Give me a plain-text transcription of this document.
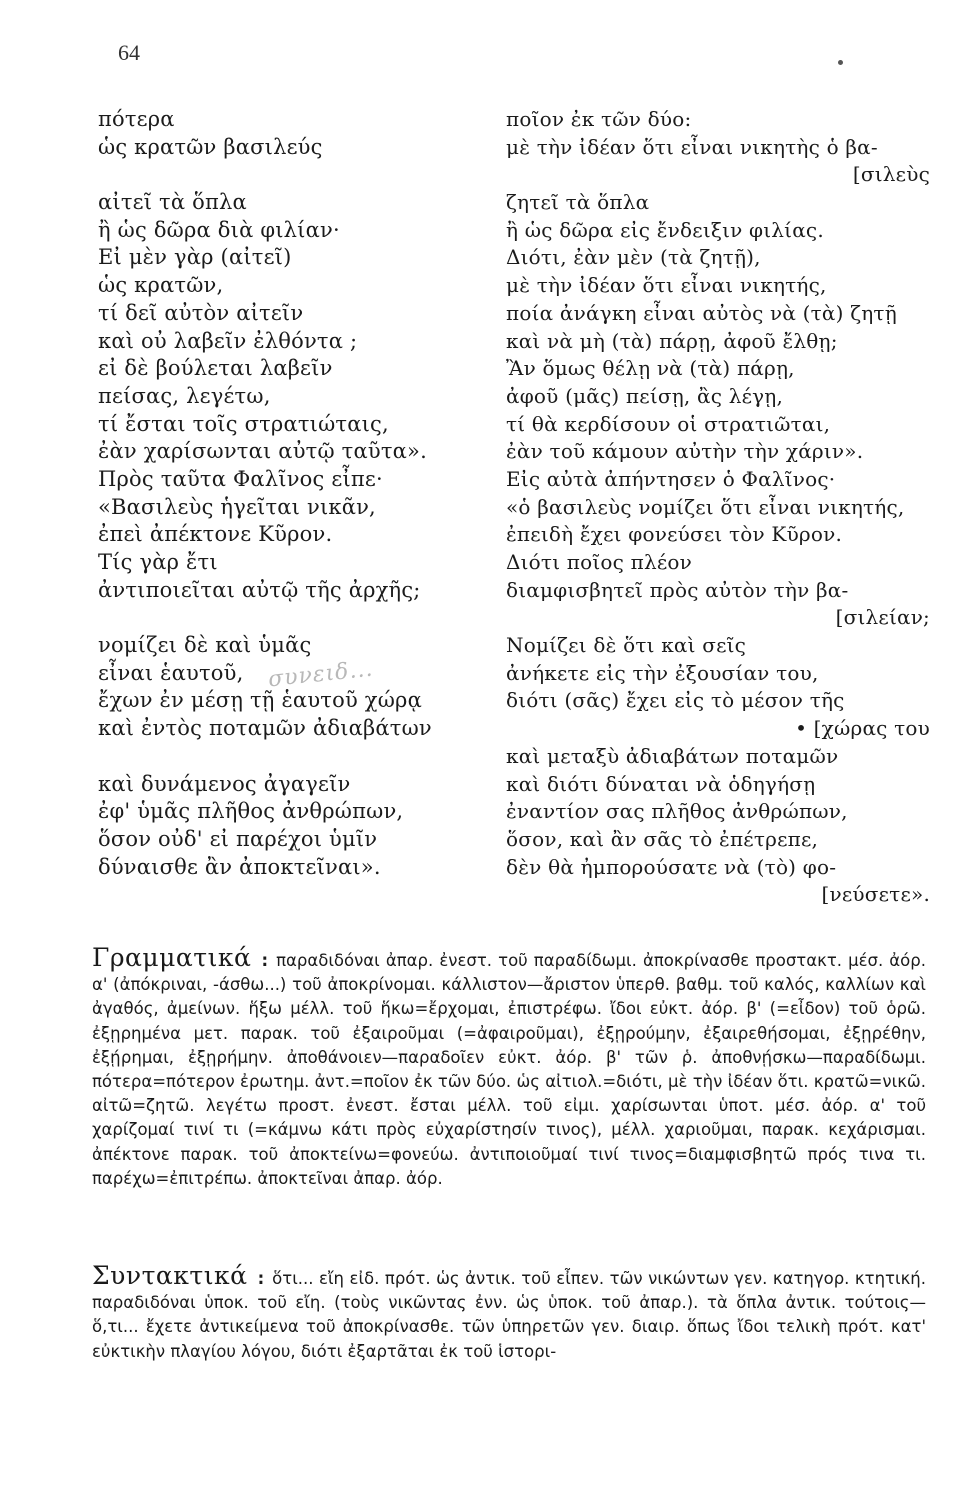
64
πότερα
ὡς κρατῶν βασιλεύς
αἰτεῖ τὰ ὅπλα
ἢ ὡς δῶρα διὰ φιλίαν·
Εἰ μὲν γὰρ (αἰτεῖ)
ὡς κρατῶν,
τί δεῖ αὐτὸν αἰτεῖν
καὶ οὐ λαβεῖν ἐλθόντα ;
εἰ δὲ βούλεται λαβεῖν
πείσας, λεγέτω,
τί ἔσται τοῖς στρατιώταις,
ἐὰν χαρίσωνται αὐτῷ ταῦτα».
Πρὸς ταῦτα Φαλῖνος εἶπε·
«Βασιλεὺς ἡγεῖται νικᾶν,
ἐπεὶ ἀπέκτονε Κῦρον.
Τίς γὰρ ἔτι
ἀντιποιεῖται αὐτῷ τῆς ἀρχῆς;
νομίζει δὲ καὶ ὑμᾶς
εἶναι ἑαυτοῦ,
ἔχων ἐν μέσῃ τῇ ἑαυτοῦ χώρᾳ
καὶ ἐντὸς ποταμῶν ἀδιαβάτων
καὶ δυνάμενος ἀγαγεῖν
ἐφ' ὑμᾶς πλῆθος ἀνθρώπων,
ὅσον οὐδ' εἰ παρέχοι ὑμῖν
δύναισθε ἂν ἀποκτεῖναι».
ποῖον ἐκ τῶν δύο:
μὲ τὴν ἰδέαν ὅτι εἶναι νικητὴς ὁ βα-
[σιλεὺς
ζητεῖ τὰ ὅπλα
ἢ ὡς δῶρα εἰς ἔνδειξιν φιλίας.
Διότι, ἐὰν μὲν (τὰ ζητῇ),
μὲ τὴν ἰδέαν ὅτι εἶναι νικητής,
ποία ἀνάγκη εἶναι αὐτὸς νὰ (τὰ) ζητῇ
καὶ νὰ μὴ (τὰ) πάρῃ, ἀφοῦ ἔλθῃ;
Ἂν ὅμως θέλῃ νὰ (τὰ) πάρῃ,
ἀφοῦ (μᾶς) πείσῃ, ἂς λέγῃ,
τί θὰ κερδίσουν οἱ στρατιῶται,
ἐὰν τοῦ κάμουν αὐτὴν τὴν χάριν».
Εἰς αὐτὰ ἀπήντησεν ὁ Φαλῖνος·
«ὁ βασιλεὺς νομίζει ὅτι εἶναι νικητής,
ἐπειδὴ ἔχει φονεύσει τὸν Κῦρον.
Διότι ποῖος πλέον
διαμφισβητεῖ πρὸς αὐτὸν τὴν βα-
[σιλείαν;
Νομίζει δὲ ὅτι καὶ σεῖς
ἀνήκετε εἰς τὴν ἐξουσίαν του,
διότι (σᾶς) ἔχει εἰς τὸ μέσον τῆς
• [χώρας του
καὶ μεταξὺ ἀδιαβάτων ποταμῶν
καὶ διότι δύναται νὰ ὁδηγήσῃ
ἐναντίον σας πλῆθος ἀνθρώπων,
ὅσον, καὶ ἂν σᾶς τὸ ἐπέτρεπε,
δὲν θὰ ἠμπορούσατε νὰ (τὸ) φο-
[νεύσετε».
συνειδ...

Γραμματικά : παραδιδόναι ἀπαρ. ἐνεστ. τοῦ παραδίδωμι. ἀποκρίνασθε προστακτ. μέσ. ἀόρ. α' (ἀπόκριναι, -άσθω...) τοῦ ἀποκρίνομαι. κάλλιστον—ἄριστον ὑπερθ. βαθμ. τοῦ καλός, καλλίων καὶ ἀγαθός, ἀμείνων. ἥξω μέλλ. τοῦ ἥκω=ἔρχομαι, ἐπιστρέφω. ἴδοι εὐκτ. ἀόρ. β' (=εἶδον) τοῦ ὁρῶ. ἐξῃρημένα μετ. παρακ. τοῦ ἐξαιροῦμαι (=ἀφαιροῦμαι), ἐξῃρούμην, ἐξαιρεθήσομαι, ἐξῃρέθην, ἐξῄρημαι, ἐξῃρήμην. ἀποθάνοιεν—παραδοῖεν εὐκτ. ἀόρ. β' τῶν ῥ. ἀποθνῄσκω—παραδίδωμι. πότερα=πότερον ἐρωτημ. ἀντ.=ποῖον ἐκ τῶν δύο. ὡς αἰτιολ.=διότι, μὲ τὴν ἰδέαν ὅτι. κρατῶ=νικῶ. αἰτῶ=ζητῶ. λεγέτω προστ. ἐνεστ. ἔσται μέλλ. τοῦ εἰμι. χαρίσωνται ὑποτ. μέσ. ἀόρ. α' τοῦ χαρίζομαί τινί τι (=κάμνω κάτι πρὸς εὐχαρίστησίν τινος), μέλλ. χαριοῦμαι, παρακ. κεχάρισμαι. ἀπέκτονε παρακ. τοῦ ἀποκτείνω=φονεύω. ἀντιποιοῦμαί τινί τινος=διαμφισβητῶ πρός τινα τι. παρέχω=ἐπιτρέπω. ἀποκτεῖναι ἀπαρ. ἀόρ.

Συντακτικά : ὅτι... εἴη εἰδ. πρότ. ὡς ἀντικ. τοῦ εἶπεν. τῶν νικώντων γεν. κατηγορ. κτητική. παραδιδόναι ὑποκ. τοῦ εἴη. (τοὺς νικῶντας ἐνν. ὡς ὑποκ. τοῦ ἀπαρ.). τὰ ὅπλα ἀντικ. τούτοις—ὅ,τι... ἔχετε ἀντικείμενα τοῦ ἀποκρίνασθε. τῶν ὑπηρετῶν γεν. διαιρ. ὅπως ἴδοι τελικὴ πρότ. κατ' εὐκτικὴν πλαγίου λόγου, διότι ἐξαρτᾶται ἐκ τοῦ ἱστορι-
